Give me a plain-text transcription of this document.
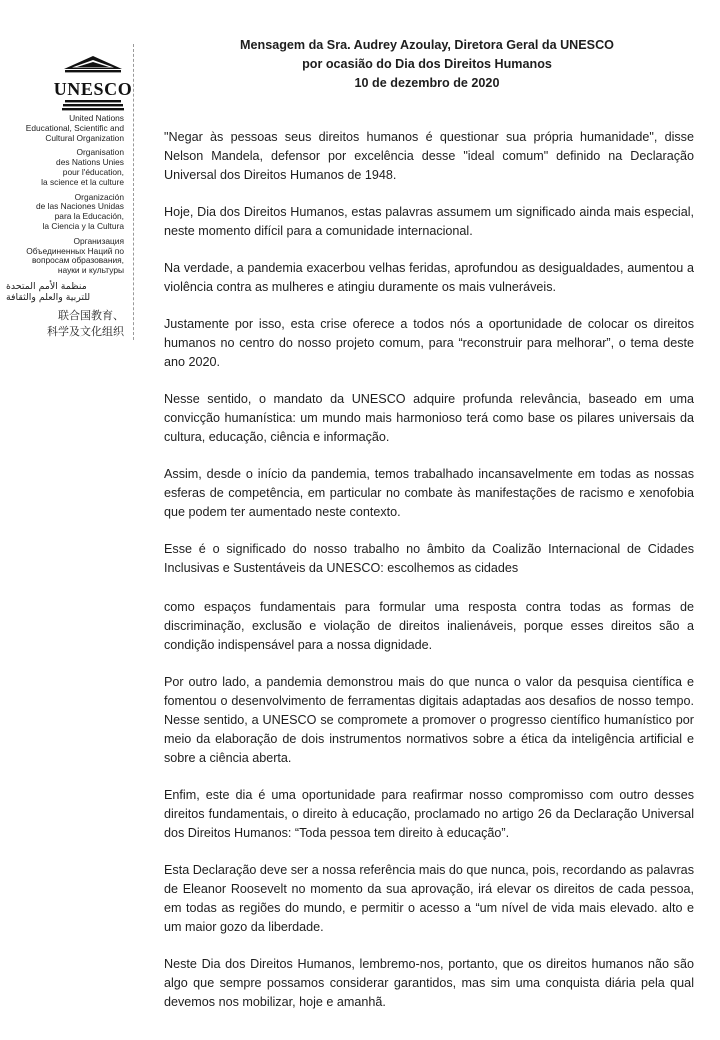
UNESCO
United Nations
Educational, Scientific and
Cultural Organization
Organisation
des Nations Unies
pour l'éducation,
la science et la culture
Organización
de las Naciones Unidas
para la Educación,
la Ciencia y la Cultura
Организация
Объединенных Наций по
вопросам образования,
науки и культуры
منظمة الأمم المتحدة
للتربية والعلم والثقافة
联合国教育、
科学及文化组织
Mensagem da Sra. Audrey Azoulay, Diretora Geral da UNESCO
por ocasião do Dia dos Direitos Humanos
10 de dezembro de 2020

"Negar às pessoas seus direitos humanos é questionar sua própria humanidade", disse Nelson Mandela, defensor por excelência desse "ideal comum" definido na Declaração Universal dos Direitos Humanos de 1948.

Hoje, Dia dos Direitos Humanos, estas palavras assumem um significado ainda mais especial, neste momento difícil para a comunidade internacional.

Na verdade, a pandemia exacerbou velhas feridas, aprofundou as desigualdades, aumentou a violência contra as mulheres e atingiu duramente os mais vulneráveis.

Justamente por isso, esta crise oferece a todos nós a oportunidade de colocar os direitos humanos no centro do nosso projeto comum, para “reconstruir para melhorar”, o tema deste ano 2020.

Nesse sentido, o mandato da UNESCO adquire profunda relevância, baseado em uma convicção humanística: um mundo mais harmonioso terá como base os pilares universais da cultura, educação, ciência e informação.

Assim, desde o início da pandemia, temos trabalhado incansavelmente em todas as nossas esferas de competência, em particular no combate às manifestações de racismo e xenofobia que podem ter aumentado neste contexto.

Esse é o significado do nosso trabalho no âmbito da Coalizão Internacional de Cidades Inclusivas e Sustentáveis da UNESCO: escolhemos as cidades

como espaços fundamentais para formular uma resposta contra todas as formas de discriminação, exclusão e violação de direitos inalienáveis, porque esses direitos são a condição indispensável para a nossa dignidade.

Por outro lado, a pandemia demonstrou mais do que nunca o valor da pesquisa científica e fomentou o desenvolvimento de ferramentas digitais adaptadas aos desafios de nosso tempo. Nesse sentido, a UNESCO se compromete a promover o progresso científico humanístico por meio da elaboração de dois instrumentos normativos sobre a ética da inteligência artificial e sobre a ciência aberta.

Enfim, este dia é uma oportunidade para reafirmar nosso compromisso com outro desses direitos fundamentais, o direito à educação, proclamado no artigo 26 da Declaração Universal dos Direitos Humanos: “Toda pessoa tem direito à educação”.

Esta Declaração deve ser a nossa referência mais do que nunca, pois, recordando as palavras de Eleanor Roosevelt no momento da sua aprovação, irá elevar os direitos de cada pessoa, em todas as regiões do mundo, e permitir o acesso a “um nível de vida mais elevado. alto e um maior gozo da liberdade.

Neste Dia dos Direitos Humanos, lembremo-nos, portanto, que os direitos humanos não são algo que sempre possamos considerar garantidos, mas sim uma conquista diária pela qual devemos nos mobilizar, hoje e amanhã.
